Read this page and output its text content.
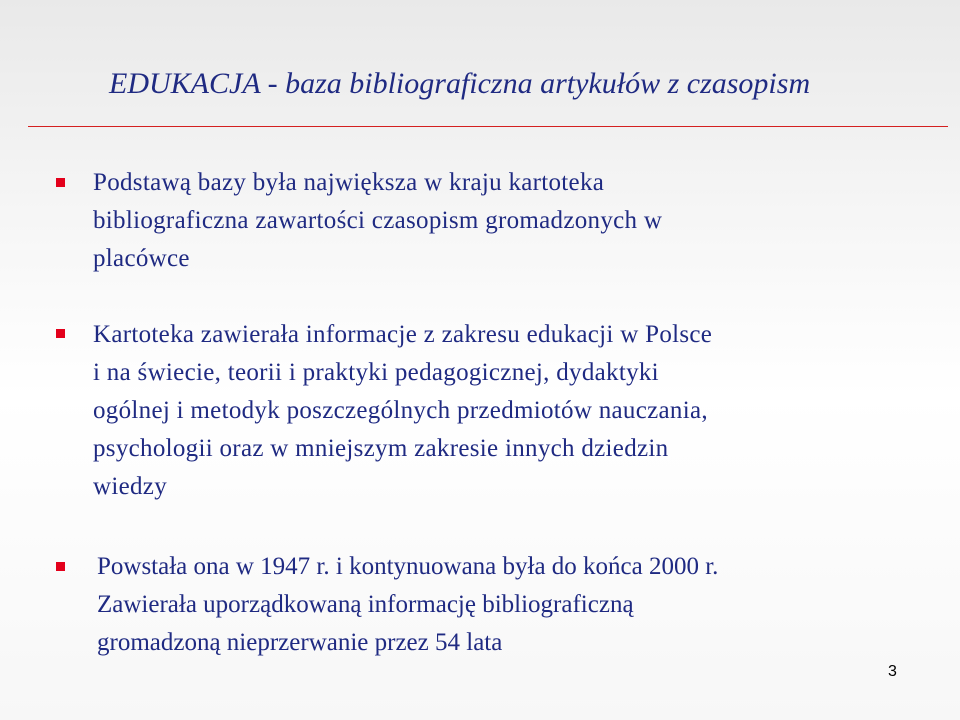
EDUKACJA - baza bibliograficzna artykułów z czasopism
Podstawą bazy była największa w kraju kartoteka
bibliograficzna zawartości czasopism gromadzonych w
placówce
Kartoteka zawierała informacje z zakresu edukacji w Polsce
i na świecie, teorii i praktyki pedagogicznej, dydaktyki
ogólnej i metodyk poszczególnych przedmiotów nauczania,
psychologii oraz w mniejszym zakresie innych dziedzin
wiedzy
Powstała ona w 1947 r. i kontynuowana była do końca 2000 r.
Zawierała uporządkowaną informację bibliograficzną
gromadzoną nieprzerwanie przez 54 lata
3
